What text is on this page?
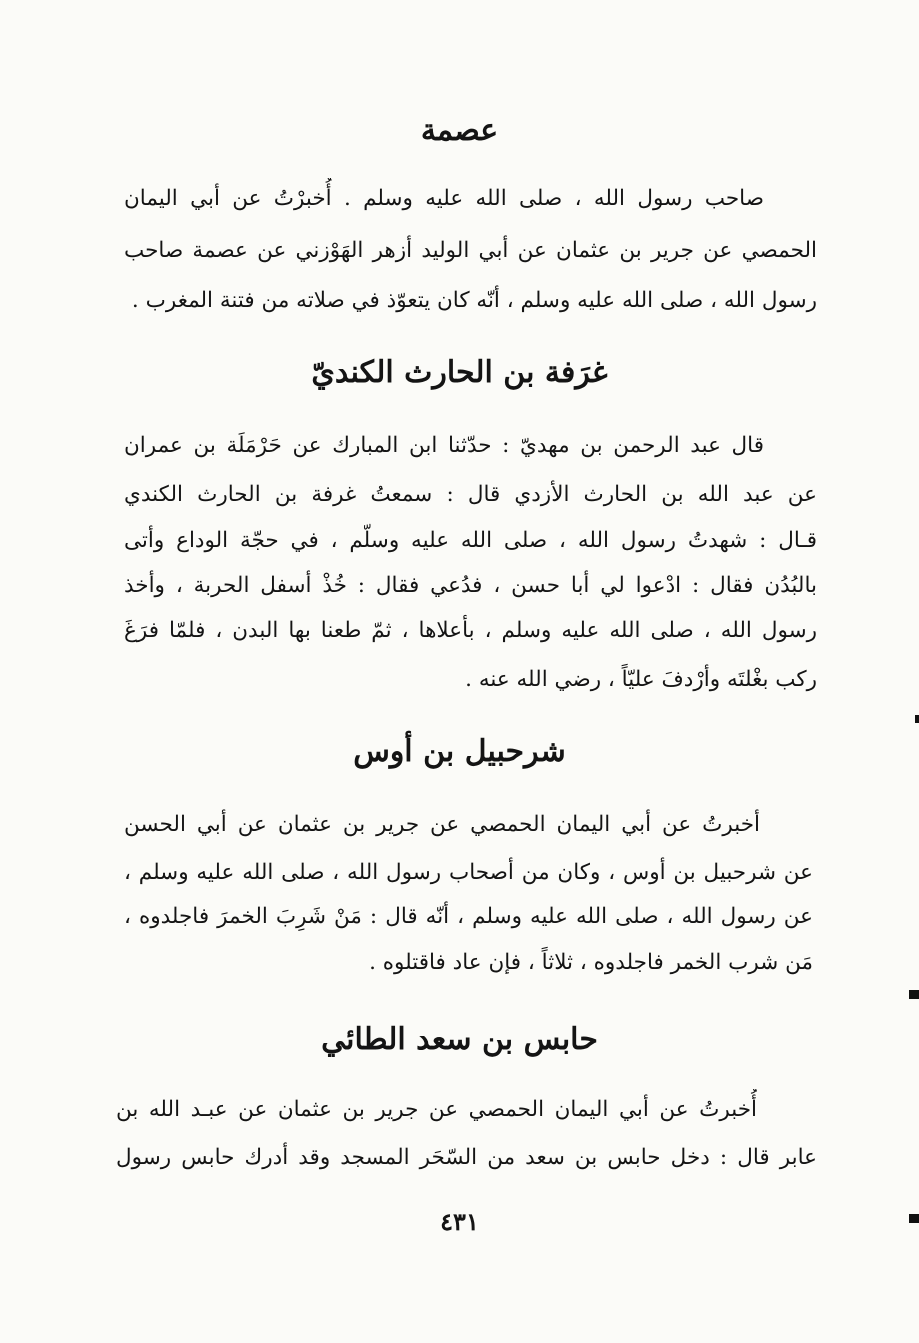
عصمة
صاحب رسول الله ، صلى الله عليه وسلم . أُخبرْتُ عن أبي اليمان
الحمصي عن جرير بن عثمان عن أبي الوليد أزهر الهَوْزني عن عصمة صاحب
رسول الله ، صلى الله عليه وسلم ، أنّه كان يتعوّذ في صلاته من فتنة المغرب .
غرَفة بن الحارث الكنديّ
قال عبد الرحمن بن مهديّ : حدّثنا ابن المبارك عن حَرْمَلَة بن عمران
عن عبد الله بن الحارث الأزدي قال : سمعتُ غرفة بن الحارث الكندي
قـال : شهدتُ رسول الله ، صلى الله عليه وسلّم ، في حجّة الوداع وأتى
بالبُدُن فقال : ادْعوا لي أبا حسن ، فدُعي فقال : خُذْ أسفل الحربة ، وأخذ
رسول الله ، صلى الله عليه وسلم ، بأعلاها ، ثمّ طعنا بها البدن ، فلمّا فرَغَ
ركب بغْلتَه وأرْدفَ عليّاً ، رضي الله عنه .
شرحبيل بن أوس
أخبرتُ عن أبي اليمان الحمصي عن جرير بن عثمان عن أبي الحسن
عن شرحبيل بن أوس ، وكان من أصحاب رسول الله ، صلى الله عليه وسلم ،
عن رسول الله ، صلى الله عليه وسلم ، أنّه قال : مَنْ شَرِبَ الخمرَ فاجلدوه ،
مَن شرب الخمر فاجلدوه ، ثلاثاً ، فإن عاد فاقتلوه .
حابس بن سعد الطائي
أُخبرتُ عن أبي اليمان الحمصي عن جرير بن عثمان عن عبـد الله بن
عابر قال : دخل حابس بن سعد من السّحَر المسجد وقد أدرك حابس رسول
٤٣١
